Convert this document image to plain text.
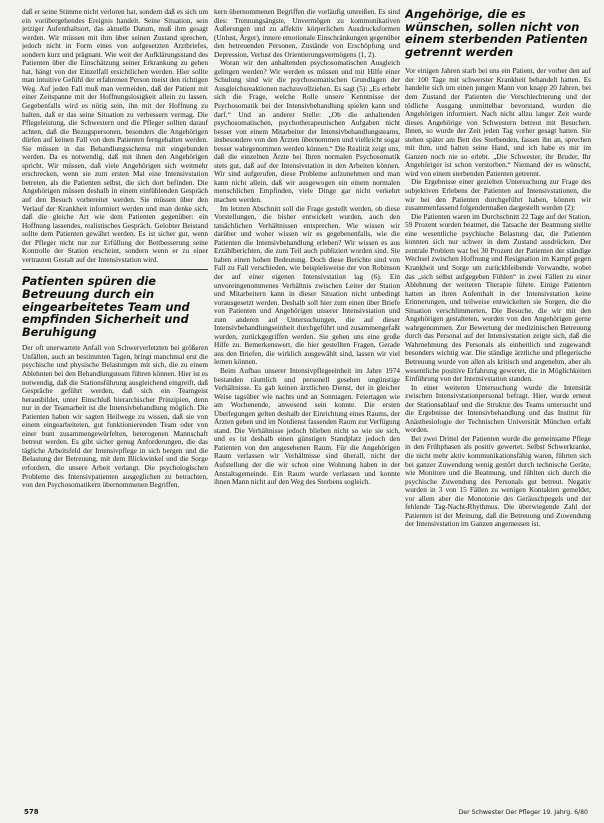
daß er seine Stimme nicht verloren hat, sondern daß es sich um ein vorübergehendes Ereignis handelt. Seine Situation, sein jetziger Aufenthaltsort, das aktuelle Datum, muß ihm gesagt werden. Wir müssen mit ihm über seinen Zustand sprechen, jedoch nicht in Form eines von aufgesetzten Arztbriefes, sondern kurz und prägnant. Wie weit der Aufklärungsstand des Patienten über die Einschätzung seiner Erkrankung zu gehen hat, hängt von der Einzelfall ersichtlichen werden. Hier sollte man intuitive Gefühl der erfahrenen Person meist den richtigen Weg. Auf jeden Fall muß man vermeiden, daß der Patient mit einer Zeitspanne mit der Hoffnungslosigkeit allein zu lassen. Gegebenfalls wird es nötig sein, ihn mit der Hoffnung zu halten, daß er das seine Situation zu verbessern vermag. Die Pflegeleistung, die Schwestern und die Pfleger sollten darauf achten, daß die Bezugspersonen, besonders die Angehörigen dürfen auf keinen Fall von dem Patienten ferngehalten werden. Sie müssen in das Behandlungsschema mit eingebunden werden. Da es notwendig, daß mit ihnen den Angehörigen spricht. Wir müssen, daß viele Angehörigen sich weitmehr erschrecken, wenn sie zum ersten Mal eine Intensivstation betreten, als die Patienten selbst, die sich dort befinden. Die Angehörigen müssen deshalb in einem einfühlenden Gespräch auf den Besuch vorbereitet werden. Sie müssen über den Verlauf der Krankheit informiert werden und man denke sich, daß die gleiche Art wie dem Patienten gegenüber: ein Hoffnung lassendes, realistisches Gespräch. Gelobter Beistand sollte dem Patienten gewährt werden. Es ist sicher gut, wenn der Pfleger nicht nur zur Erfüllung der Bettbesserung seine Kontrolle der Station erscheint, sondern wenn er zu einer vertrauten Gestalt auf der Intensivstation wird.

Patienten spüren die Betreuung durch ein eingearbeitetes Team und empfinden Sicherheit und Beruhigung

Der oft unerwartete Anfall von Schwerverletzten bei größeren Unfällen, auch an bestimmten Tagen, bringt manchmal erst die psychische und physische Belastungen mit sich, die zu einem Ablehnten bei den Behandlungsteam führen können. Hier ist es notwendig, daß die Stationsführung ausgleichend eingreift, daß Gespräche geführt werden, daß sich ein Teamgeist herausbildet, unter Einschluß hierarchischer Prinzipien, denn nur in der Teamarbeit ist die Intensivbehandlung möglich. Die Patienten haben wir sagten Heilwege zu wissen, daß sie von einem eingearbeiteten, gut funktionierenden Team oder von einer bunt zusammengewürfelten, heterogenen Mannschaft betreut werden. Es gibt sicher genug Anforderungen, die das tägliche Arbeitsfeld der Intensivpflege in sich bergen und die Belastung der Betreuung, mit dem Blickwinkel und die Sorge erfordern, die unsere Arbeit verlangt. Die psychologischen Probleme des Intensivpatienten ausgeglichen zu betrachten, von den Psychosomatikern übernommenen Begriffen.

kern übernommenen Begriffen die vorläufig umreißen. Es sind dies: Trennungsängste, Unvermögen zu kommunikativen Äußerungen und zu affektiv körperlichen Ausdrucksformen (Unlust, Ärger), innere emotionale Einschränkungen gegenüber den betreuenden Personen, Zustände von Erschöpfung und Depression, Verlust des Orientierungsvermögens (1, 2).

Woran wir den anhaltenden psychosomatischen Ausgleich gelingen werden? Wir werden es müssen und mit Hilfe einer Schulung sind wir die psychosomatischen Grundlagen der Ausgleichsreaktionen nachzuvollziehen. Es sagt (5): „Es erhebt sich die Frage, welche Rolle unsere Kenntnisse der Psychosomatik bei der Intensivbehandlung spielen kann und darf.“ Und an anderer Stelle: „Ob die anhaltenden psychosomatischen, psychotherapeutischen Aufgaben nicht besser von einem Mitarbeiter der Intensivbehandlungsteams, insbesondere von den Ärzten übernommen und vielleicht sogar besser wahrgenommen werden können.“ Die Realität zeigt uns, daß die einzelnen Ärzte bei Ihren normalen Psychosomatik stets gut, daß auf der Intensivstation in den Arbeiten können. Wir sind aufgerufen, diese Probleme aufzunehmen und man kann nicht allein, daß wir ausgewogen ein einem normalen menschlichen Empfinden, viele Dinge gar nicht verkehrt machen werden.

Im letzten Abschnitt soll die Frage gestellt werden, ob diese Vorstellungen, die bisher entwickelt wurden, auch den tatsächlichen Verhältnissen entsprechen. Wie wissen wir darüber und woher wissen wir es gegebenenfalls, wie die Patienten die Intensivbehandlung erleben? Wir wissen es aus Erzählberichten, die zum Teil auch publiziert worden sind. Sie haben einen hohen Bedeutung. Doch diese Berichte sind von Fall zu Fall verschieden, wie beispielsweise der von Robinson der auf einer eigenen Intensivstation lag (6). Ein unvoreingenommenes Verhältnis zwischen Leiter der Station und Mitarbeitern kann in dieser Situation nicht unbedingt vorausgesetzt werden. Deshalb soll hier zum einen über Briefe von Patienten und Angehörigen unserer Intensivstation und zum anderen auf Untersuchungen, die auf dieser Intensivbehandlungseinheit durchgeführt und zusammengefaßt wurden, zurückgegriffen werden. Sie gehen uns eine große Hilfe zu. Bemerkenswert, die hier gestellten Fragen, Gerade aus den Briefen, die wirklich ausgewählt sind, lassen wir viel lernen können.

Beim Aufbau unserer Intensivpflegeeinheit im Jahre 1974 bestanden räumlich und personell gesehen ungünstige Verhältnisse. Es gab keinen ärztlichen Dienst, der in gleicher Weise tagsüber wie nachts und an Sonntagen. Feiertagen wie am Wochenende, anwesend sein konnte. Die ersten Überlegungen gelten deshalb der Einrichtung eines Raums, der Ärzten geben und im Notdienst fassenden Raum zur Verfügung stand. Die Verhältnisse jedoch blieben nicht so wie sie sich, und es ist deshalb einen günstigen Standplatz jedoch den Patienten von den angesehenen Raum. Für die Angehörigen Raum verlassen wir Verhältnisse sind überall, nicht der Aufstellung der die wir schon eine Wohnung haben in der Anstaltsgemeinde. Ein Raum wurde verlassen und konnte ihnen Mann nicht auf den Weg des Sterbens sogleich.

Angehörige, die es wünschen, sollen nicht von einem sterbenden Patienten getrennt werden

Vor einigen Jahren starb bei uns ein Patient, der vorher den auf der 100 Tage mit schwerster Krankheit behandelt hatten. Es handelte sich um einen jungen Mann von knapp 20 Jahren, bei dem Zustand der Patienten die Verschlechterung und der tödliche Ausgang unmittelbar bevorstand, wurden die Angehörigen informiert. Nach nicht allzu langer Zeit wurde dieses Angehörige von Schwestern betreut mit Besuchen. Ihnen, so wurde der Zeit jeden Tag vorher gesagt hatten. Sie stehen später am Bett des Sterbenden, fassen ihn an, sprechen mit ihm, und halten seine Hand, und ich habe es mir im Ganzen noch nie so erlebt. „Die Schwester, ihr Bruder, Ihr Angehöriger ist schon verstorben.“ Niemand der es wünscht, wird von einem sterbenden Patienten getrennt.

Die Ergebnisse einer gezielten Untersuchung zur Frage des subjektiven Erlebens der Patienten auf Intensivstationen, die wir bei den Patienten durchgeführt haben, können wir zusammenfassend folgendermaßen dargestellt werden (2):

Die Patienten waren im Durchschnitt 22 Tage auf der Station, 59 Prozent wurden beatmet, die Tatsache der Beatmung stellte eine wesentliche psychische Belastung dar, die Patienten konnten sich nur schwer in dem Zustand ausdrücken. Der zentrale Problem war bei 30 Prozent der Patienten der ständige Wechsel zwischen Hoffnung und Resignation im Kampf gegen Krankheit und Sorge um zurückbleibende Verwandte, wobei das „sich selbst aufgegeben Fühlen“ in zwei Fällen zu einer Ablehnung der weiteren Therapie führte. Einige Patienten hatten an ihren Aufenthalt in der Intensivstation keine Erinnerungen, und teilweise entwickelten sie Sorgen, die die Situation verschlimmerten, Die Besuche, die wir mit den Angehörigen gestalteten, wurden von den Angehörigen gerne wahrgenommen. Zur Bewertung der medizinischen Betreuung durch das Personal auf der Intensivstation zeigte sich, daß die Wahrnehmung des Personals als einheitlich und zugewandt besonders wichtig war. Die ständige ärztliche und pflegerische Betreuung wurde von allen als kritisch und angenehm, aber als wesentliche positive Erfahrung gewertet, die in Möglichkeiten Einführung von der Intensivstation standen.

In einer weiteren Untersuchung wurde die Intensität zwischen Intensivstationpersonal befragt. Hier, wurde erneut der Stationsablauf und die Struktur des Teams untersucht und die Ergebnisse der Intensivbehandlung und das Institut für Anästhesiologie der Technischen Universität München erfaßt worden.

Bei zwei Drittel der Patienten wurde die gemeinsame Pflege in den Frühphasen als positiv gewertet. Selbst Schwerkranke, die nicht mehr aktiv kommunikationsfähig waren, führten sich bei ganzer Zuwendung wenig gestört durch technische Geräte, wie Monitore und die Beatmung, und fühlten sich durch die psychische Zuwendung des Personals gut betreut. Negativ wurden in 3 von 15 Fällen zu wenigen Kontakten gemeldet, vor allem aber die Monotonie des Geräuschpegels und der fehlende Tag-Nacht-Rhythmus. Die überwiegende Zahl der Patienten ist der Meinung, daß die Betreuung und Zuwendung der Intensivstation im Ganzen angemessen ist.

578	Der Schwester Der Pfleger 19. Jahrg. 6/80
